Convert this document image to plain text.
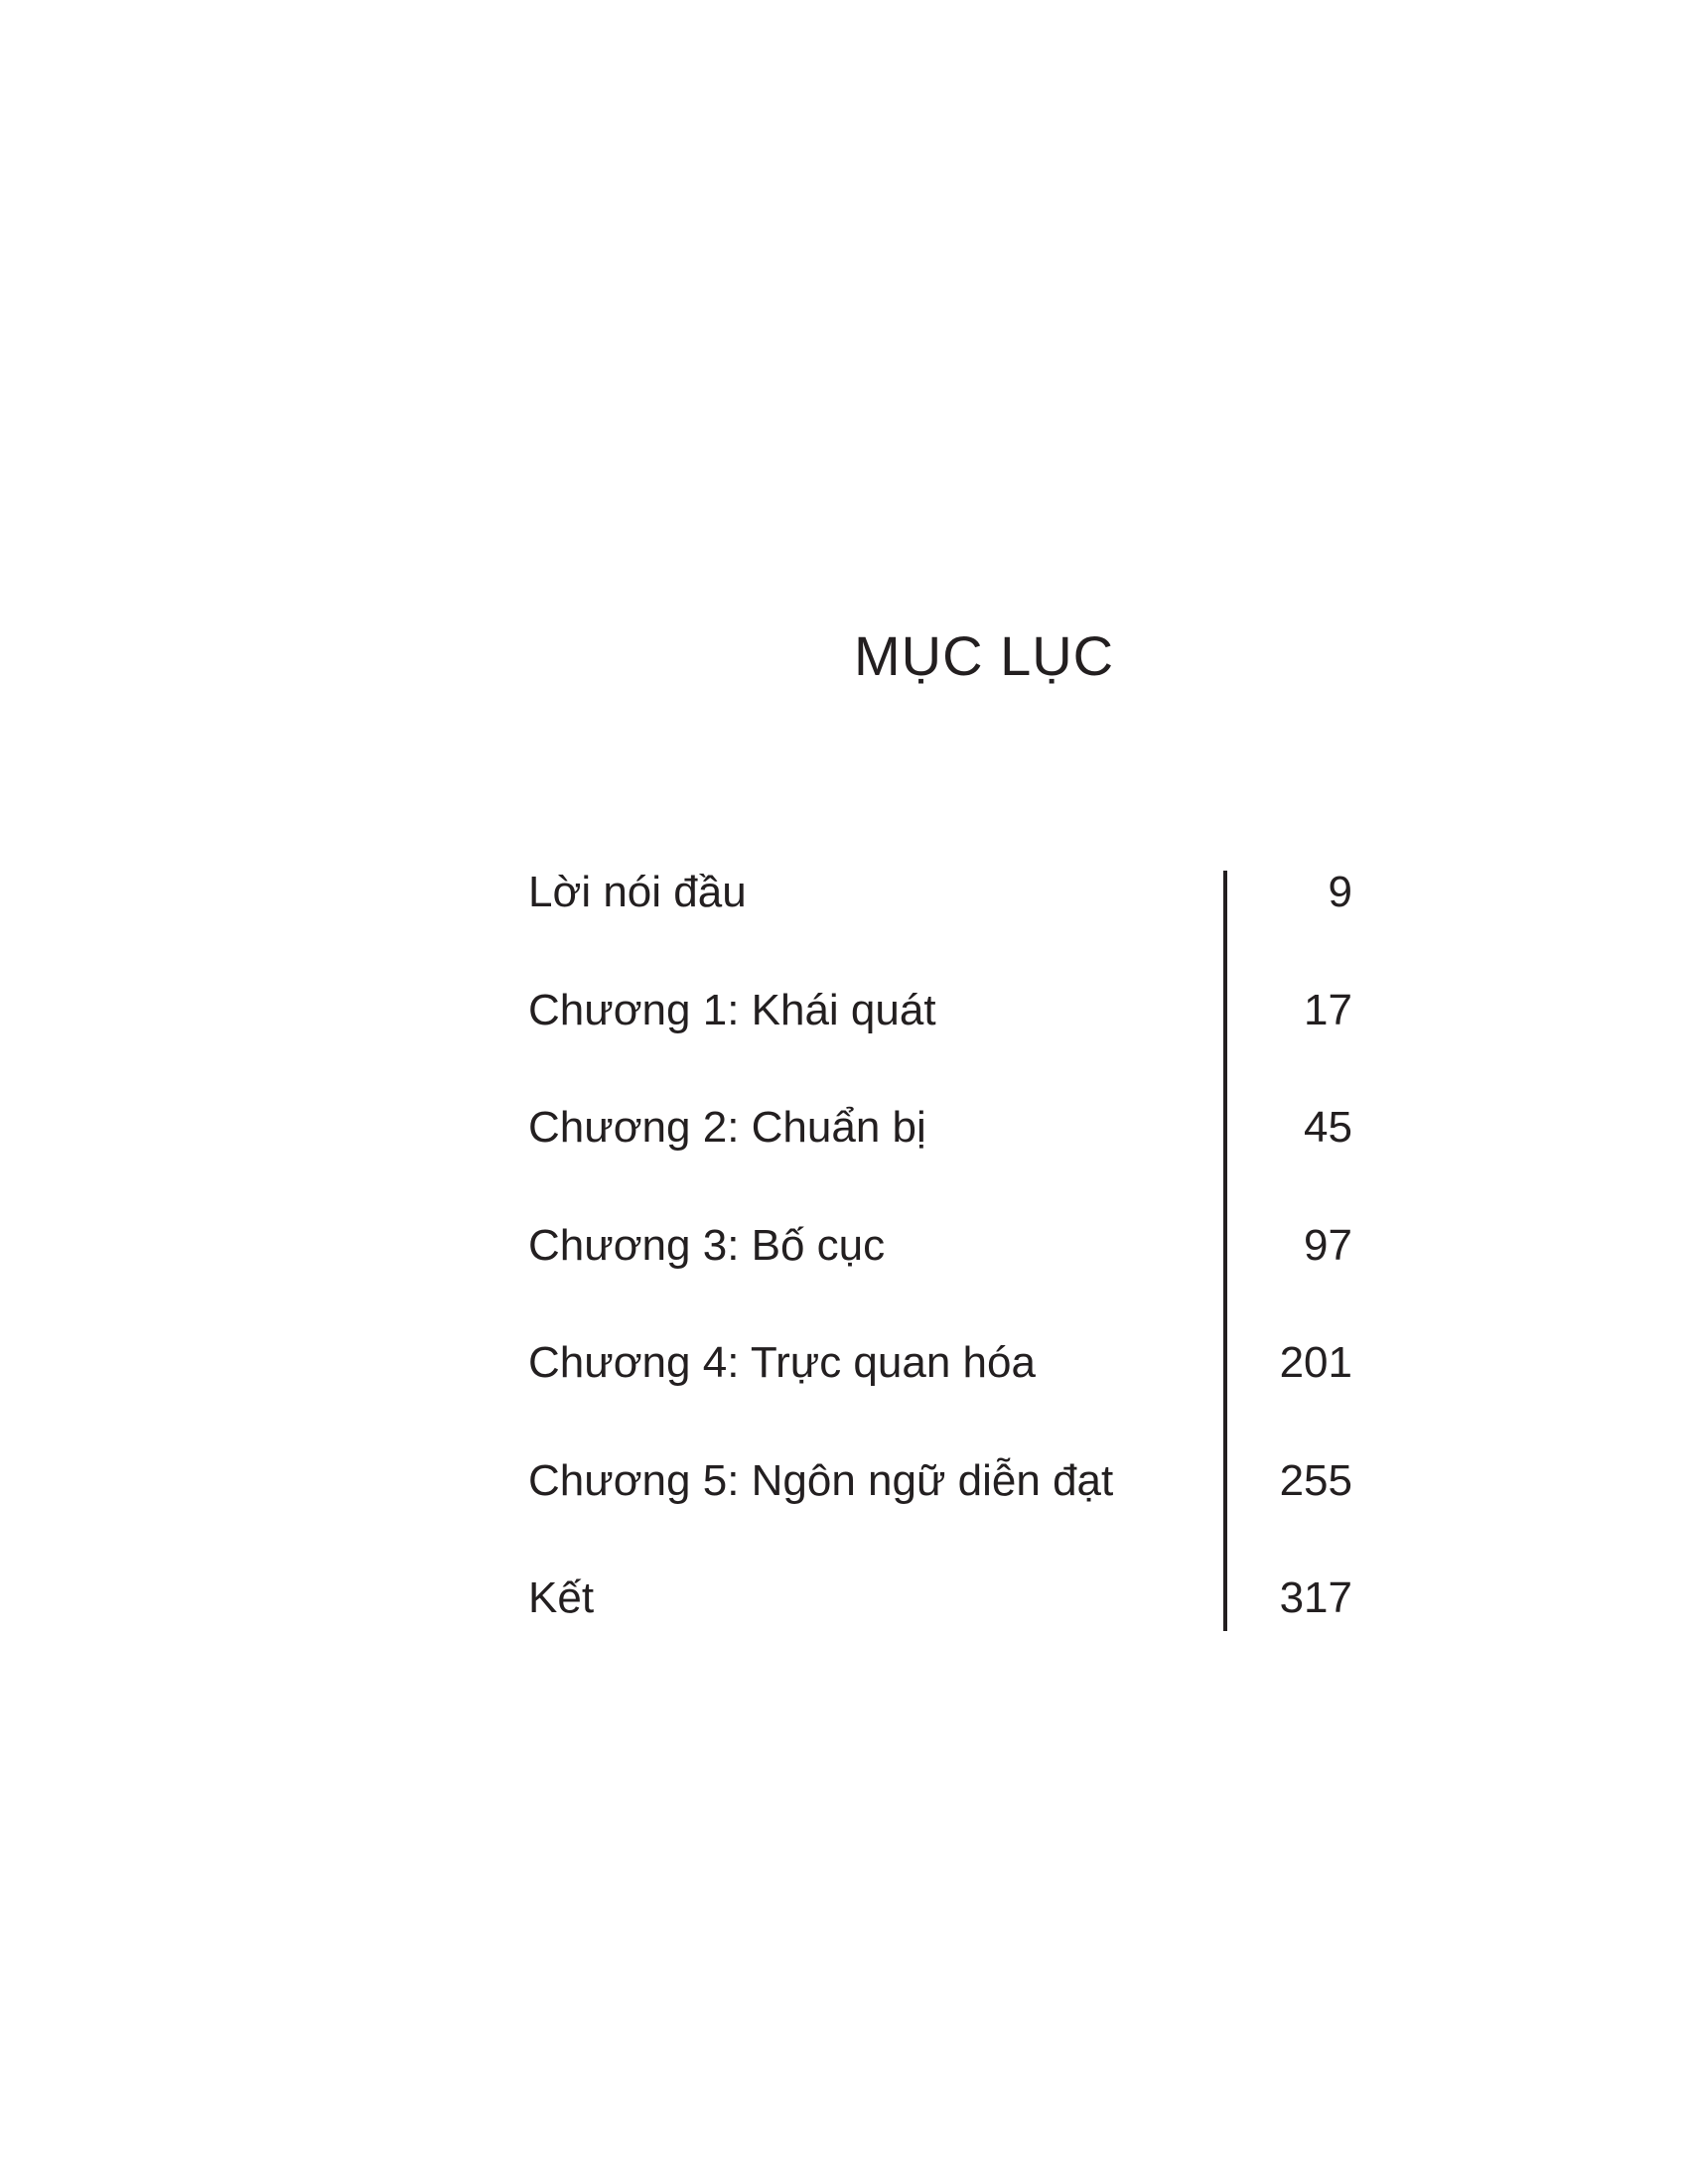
MỤC LỤC
Lời nói đầu	9
Chương 1: Khái quát	17
Chương 2: Chuẩn bị	45
Chương 3: Bố cục	97
Chương 4: Trực quan hóa	201
Chương 5: Ngôn ngữ diễn đạt	255
Kết	317
